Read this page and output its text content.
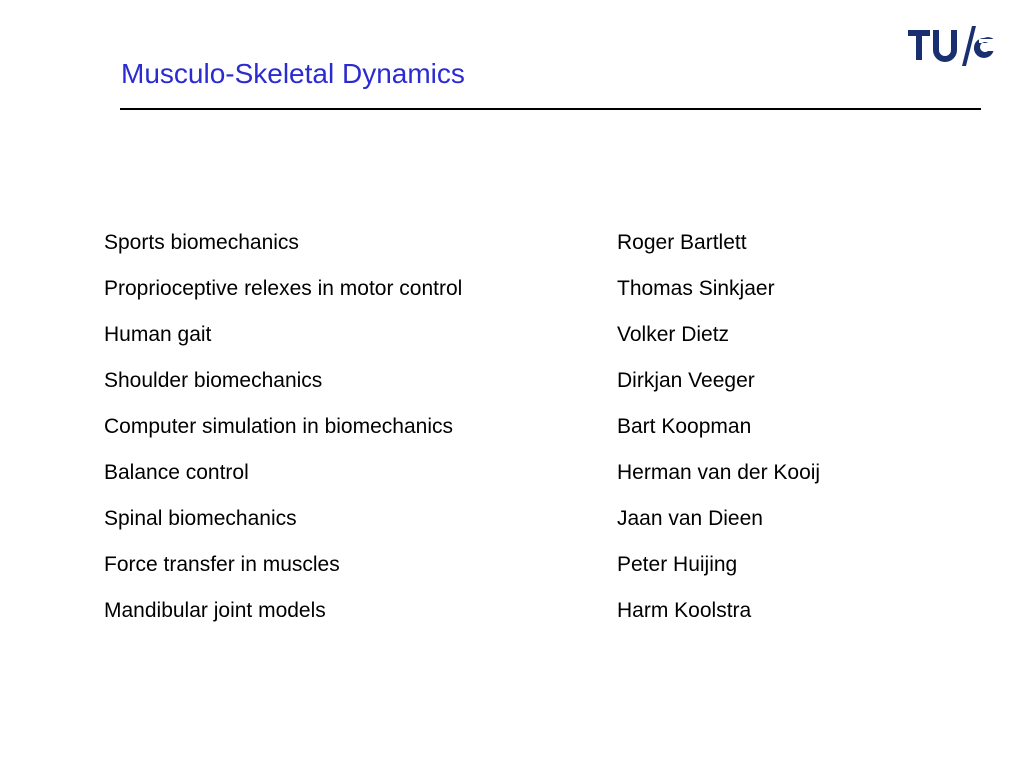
Musculo-Skeletal Dynamics
Sports biomechanics	Roger Bartlett
Proprioceptive relexes in motor control	Thomas Sinkjaer
Human gait	Volker Dietz
Shoulder biomechanics	Dirkjan Veeger
Computer simulation in biomechanics	Bart Koopman
Balance control	Herman van der Kooij
Spinal biomechanics	Jaan van Dieen
Force transfer in muscles	Peter Huijing
Mandibular joint models	Harm Koolstra
